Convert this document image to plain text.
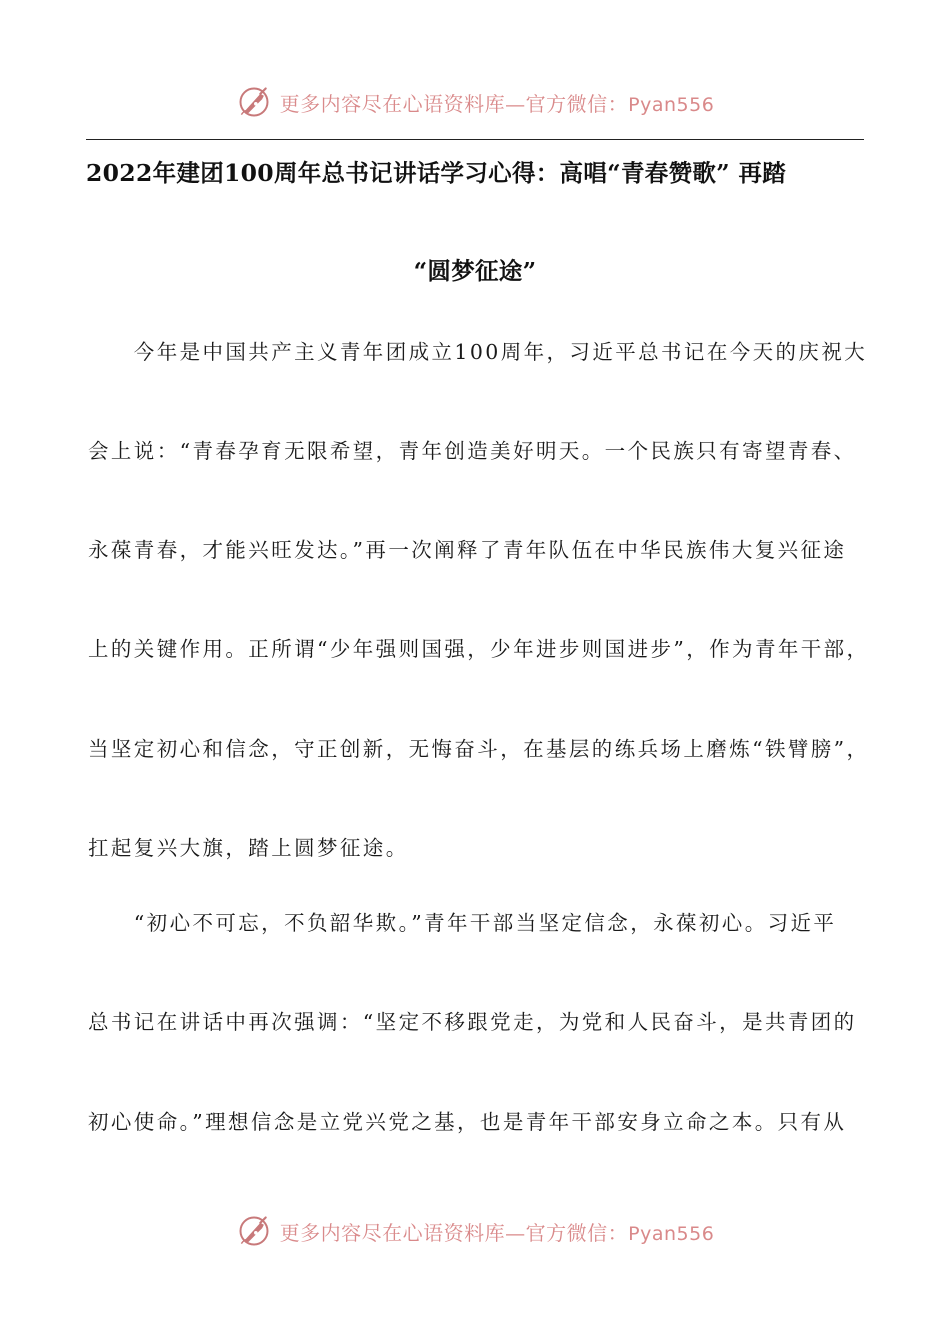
更多内容尽在心语资料库—官方微信：Pyan556
2022年建团100周年总书记讲话学习心得：高唱“青春赞歌” 再踏
“圆梦征途”
　　今年是中国共产主义青年团成立100周年，习近平总书记在今天的庆祝大
会上说：“青春孕育无限希望，青年创造美好明天。一个民族只有寄望青春、
永葆青春，才能兴旺发达。”再一次阐释了青年队伍在中华民族伟大复兴征途
上的关键作用。正所谓“少年强则国强，少年进步则国进步”，作为青年干部，
当坚定初心和信念，守正创新，无悔奋斗，在基层的练兵场上磨炼“铁臂膀”，
扛起复兴大旗，踏上圆梦征途。
　　“初心不可忘，不负韶华欺。”青年干部当坚定信念，永葆初心。习近平
总书记在讲话中再次强调：“坚定不移跟党走，为党和人民奋斗，是共青团的
初心使命。”理想信念是立党兴党之基，也是青年干部安身立命之本。只有从
更多内容尽在心语资料库—官方微信：Pyan556
